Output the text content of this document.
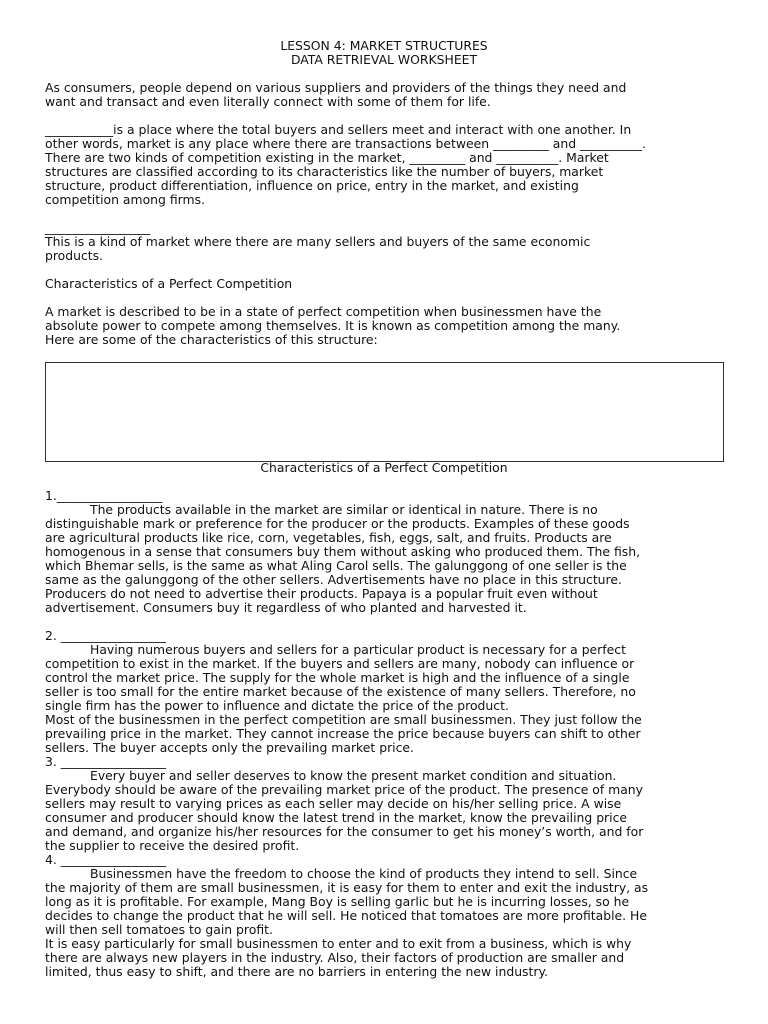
LESSON 4: MARKET STRUCTURES
DATA RETRIEVAL WORKSHEET
As consumers, people depend on various suppliers and providers of the things they need and
want and transact and even literally connect with some of them for life.
___________is a place where the total buyers and sellers meet and interact with one another. In
other words, market is any place where there are transactions between _________ and __________.
There are two kinds of competition existing in the market, _________ and __________. Market
structures are classified according to its characteristics like the number of buyers, market
structure, product differentiation, influence on price, entry in the market, and existing
competition among firms.
_________________
This is a kind of market where there are many sellers and buyers of the same economic
products.
Characteristics of a Perfect Competition
A market is described to be in a state of perfect competition when businessmen have the
absolute power to compete among themselves. It is known as competition among the many.
Here are some of the characteristics of this structure:
Characteristics of a Perfect Competition
1._________________
The products available in the market are similar or identical in nature. There is no
distinguishable mark or preference for the producer or the products. Examples of these goods
are agricultural products like rice, corn, vegetables, fish, eggs, salt, and fruits. Products are
homogenous in a sense that consumers buy them without asking who produced them. The fish,
which Bhemar sells, is the same as what Aling Carol sells. The galunggong of one seller is the
same as the galunggong of the other sellers. Advertisements have no place in this structure.
Producers do not need to advertise their products. Papaya is a popular fruit even without
advertisement. Consumers buy it regardless of who planted and harvested it.
2. _________________
Having numerous buyers and sellers for a particular product is necessary for a perfect
competition to exist in the market. If the buyers and sellers are many, nobody can influence or
control the market price. The supply for the whole market is high and the influence of a single
seller is too small for the entire market because of the existence of many sellers. Therefore, no
single firm has the power to influence and dictate the price of the product.
Most of the businessmen in the perfect competition are small businessmen. They just follow the
prevailing price in the market. They cannot increase the price because buyers can shift to other
sellers. The buyer accepts only the prevailing market price.
3. _________________
Every buyer and seller deserves to know the present market condition and situation.
Everybody should be aware of the prevailing market price of the product. The presence of many
sellers may result to varying prices as each seller may decide on his/her selling price. A wise
consumer and producer should know the latest trend in the market, know the prevailing price
and demand, and organize his/her resources for the consumer to get his money’s worth, and for
the supplier to receive the desired profit.
4. _________________
Businessmen have the freedom to choose the kind of products they intend to sell. Since
the majority of them are small businessmen, it is easy for them to enter and exit the industry, as
long as it is profitable. For example, Mang Boy is selling garlic but he is incurring losses, so he
decides to change the product that he will sell. He noticed that tomatoes are more profitable. He
will then sell tomatoes to gain profit.
It is easy particularly for small businessmen to enter and to exit from a business, which is why
there are always new players in the industry. Also, their factors of production are smaller and
limited, thus easy to shift, and there are no barriers in entering the new industry.
